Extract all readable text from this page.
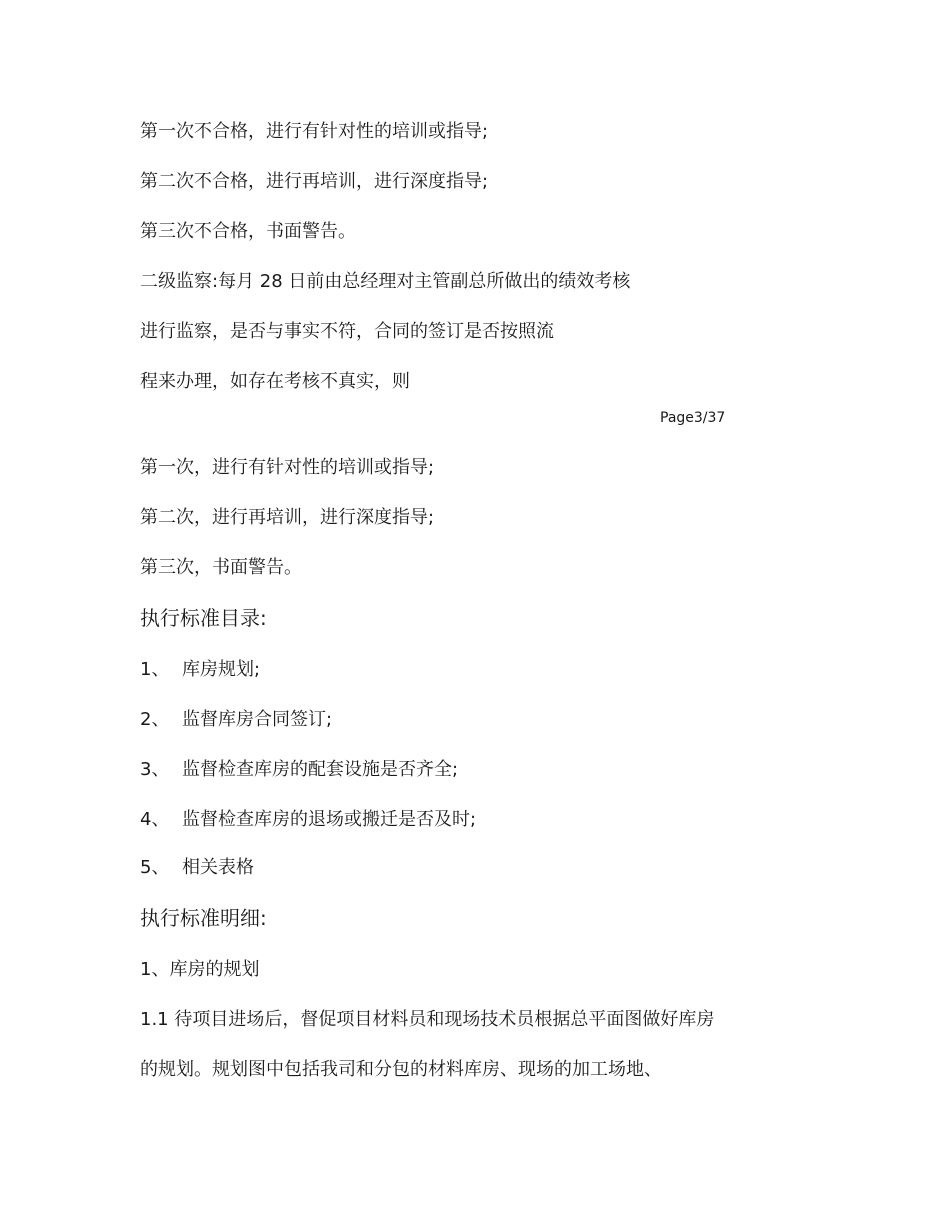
第一次不合格，进行有针对性的培训或指导;
第二次不合格，进行再培训，进行深度指导;
第三次不合格，书面警告。
二级监察:每月 28 日前由总经理对主管副总所做出的绩效考核
进行监察，是否与事实不符，合同的签订是否按照流
程来办理，如存在考核不真实，则
Page3/37
第一次，进行有针对性的培训或指导;
第二次，进行再培训，进行深度指导;
第三次，书面警告。
执行标准目录:
1、 库房规划;
2、 监督库房合同签订;
3、 监督检查库房的配套设施是否齐全;
4、 监督检查库房的退场或搬迁是否及时;
5、 相关表格
执行标准明细:
1、库房的规划
1.1 待项目进场后，督促项目材料员和现场技术员根据总平面图做好库房
的规划。规划图中包括我司和分包的材料库房、现场的加工场地、
